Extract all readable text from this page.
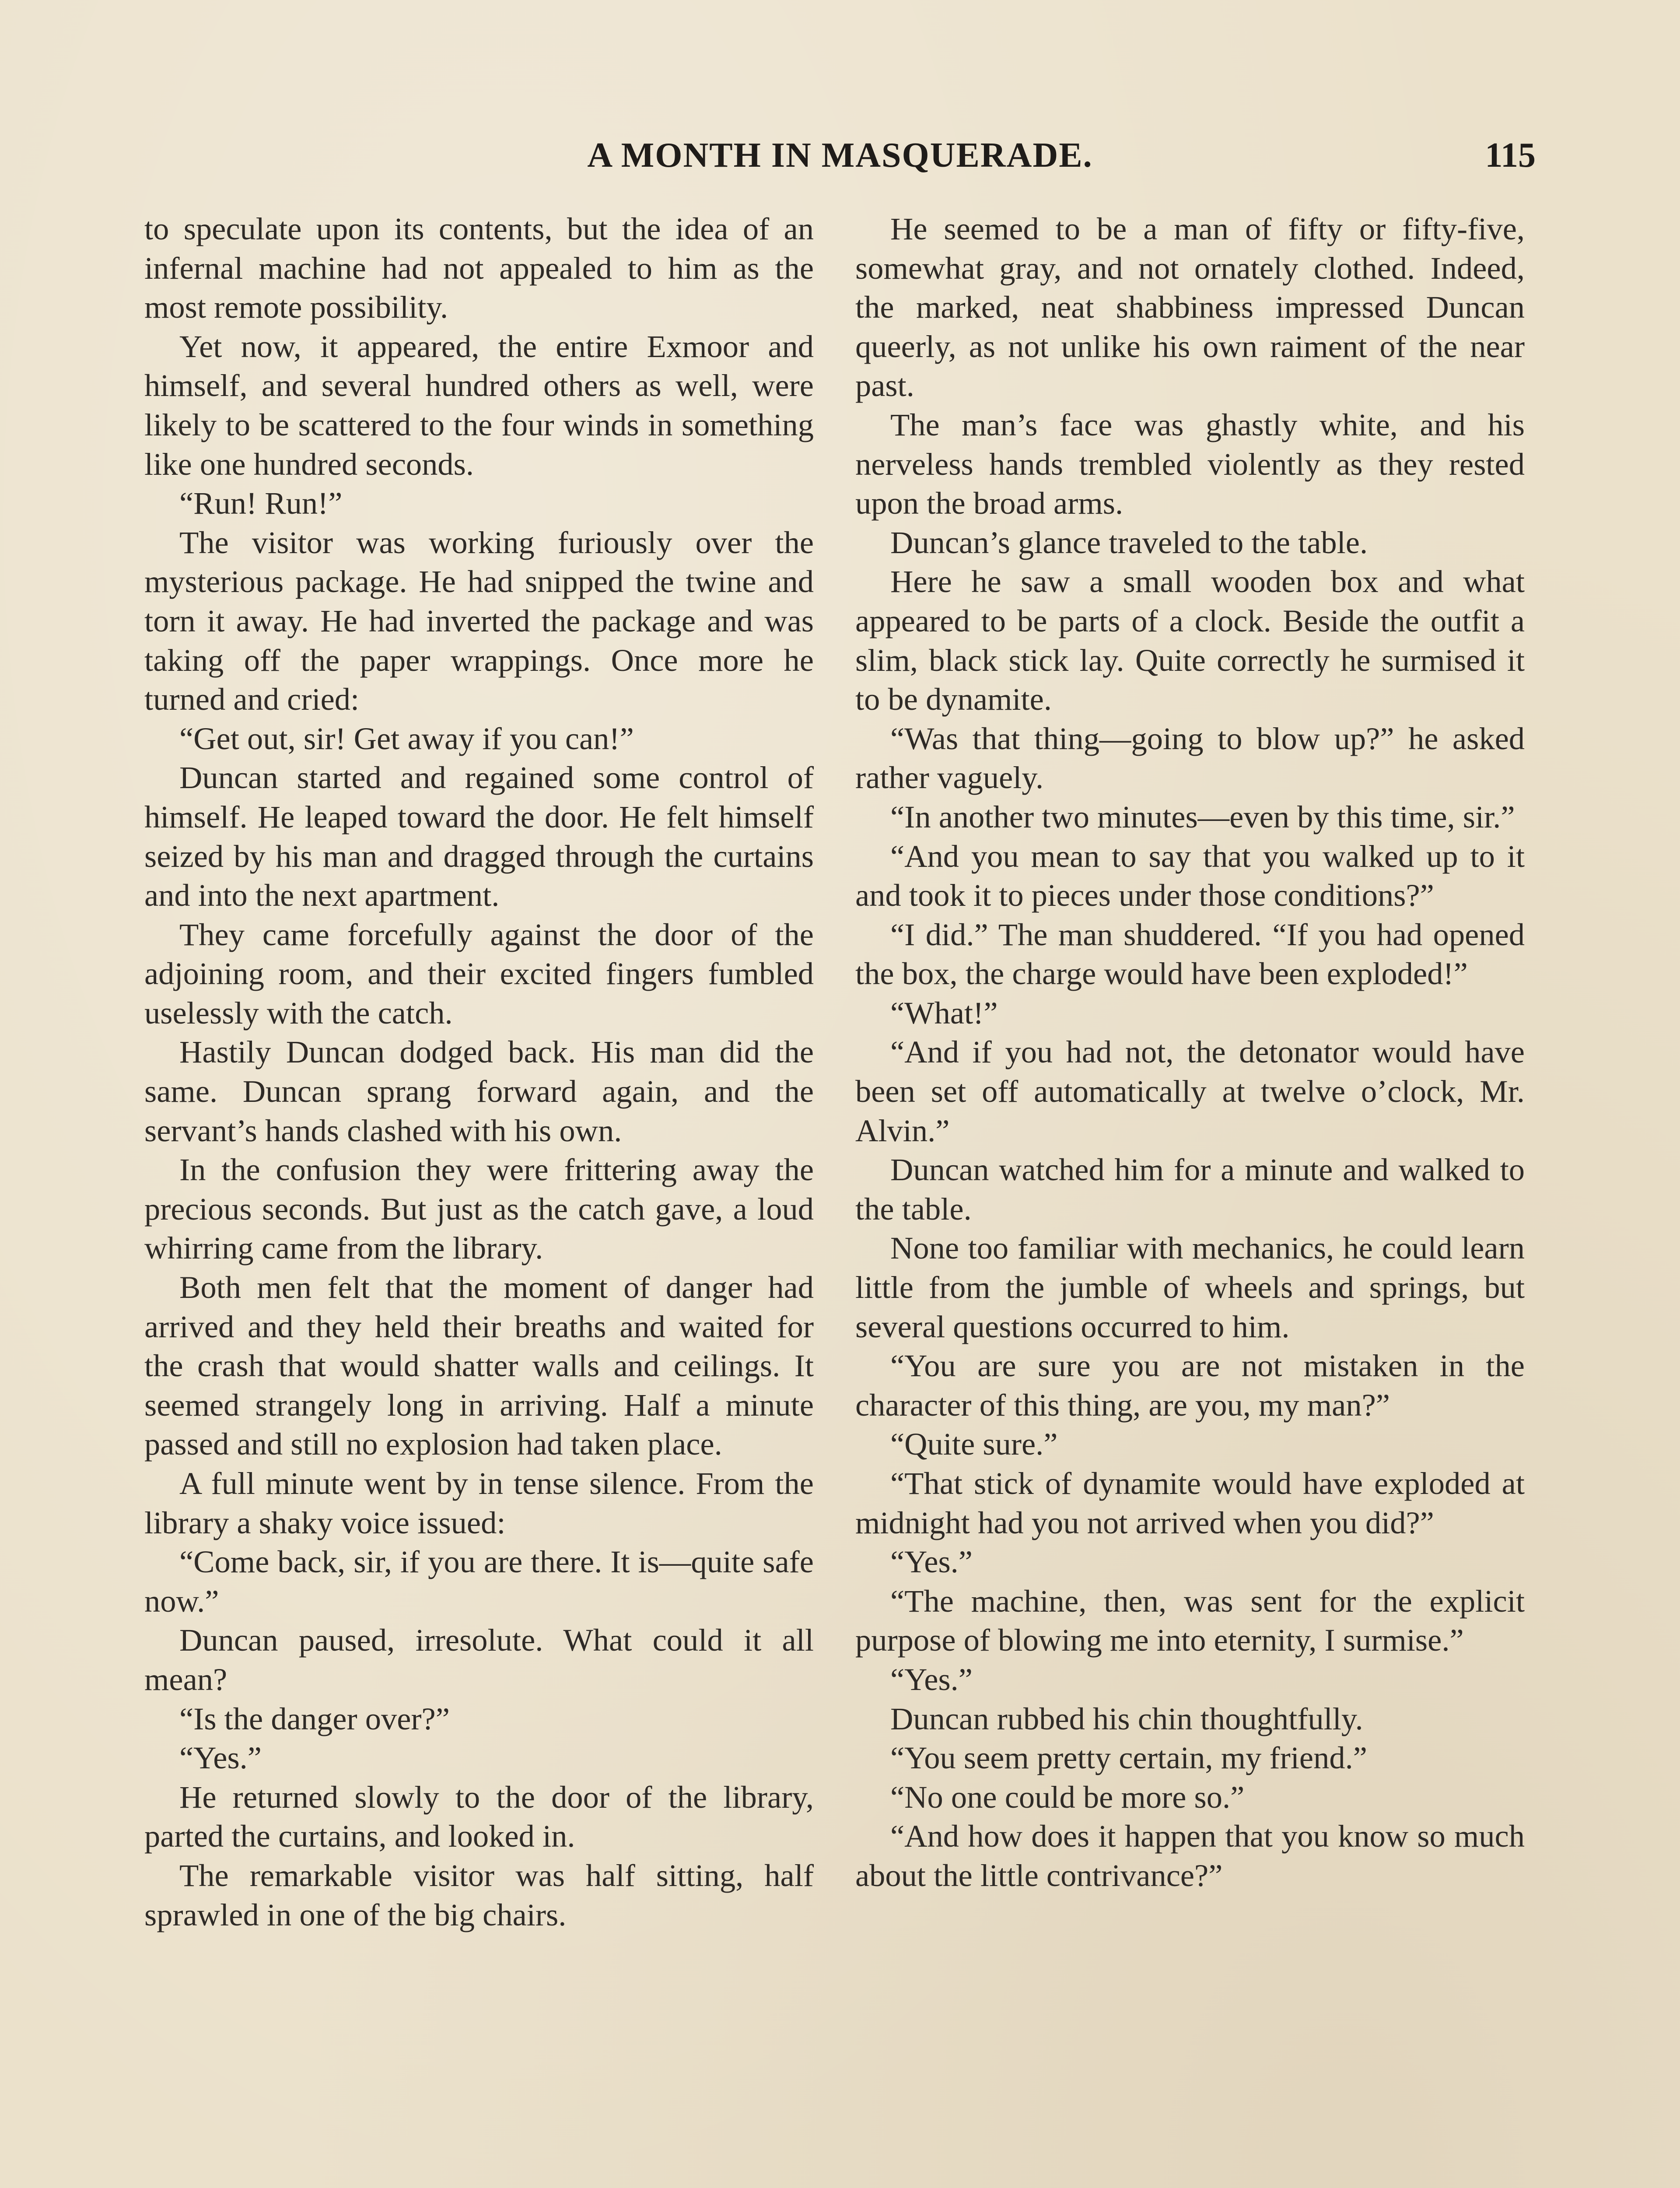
A MONTH IN MASQUERADE.	115

to speculate upon its contents, but the idea of an infernal machine had not appealed to him as the most remote possibility.

Yet now, it appeared, the entire Exmoor and himself, and several hundred others as well, were likely to be scattered to the four winds in something like one hundred seconds.

“Run! Run!”

The visitor was working furiously over the mysterious package. He had snipped the twine and torn it away. He had inverted the package and was taking off the paper wrappings. Once more he turned and cried:

“Get out, sir! Get away if you can!”

Duncan started and regained some control of himself. He leaped toward the door. He felt himself seized by his man and dragged through the curtains and into the next apartment.

They came forcefully against the door of the adjoining room, and their excited fingers fumbled uselessly with the catch.

Hastily Duncan dodged back. His man did the same. Duncan sprang forward again, and the servant’s hands clashed with his own.

In the confusion they were frittering away the precious seconds. But just as the catch gave, a loud whirring came from the library.

Both men felt that the moment of danger had arrived and they held their breaths and waited for the crash that would shatter walls and ceilings. It seemed strangely long in arriving. Half a minute passed and still no explosion had taken place.

A full minute went by in tense silence. From the library a shaky voice issued:

“Come back, sir, if you are there. It is—quite safe now.”

Duncan paused, irresolute. What could it all mean?

“Is the danger over?”

“Yes.”

He returned slowly to the door of the library, parted the curtains, and looked in.

The remarkable visitor was half sitting, half sprawled in one of the big chairs.

He seemed to be a man of fifty or fifty-five, somewhat gray, and not ornately clothed. Indeed, the marked, neat shabbiness impressed Duncan queerly, as not unlike his own raiment of the near past.

The man’s face was ghastly white, and his nerveless hands trembled violently as they rested upon the broad arms.

Duncan’s glance traveled to the table.

Here he saw a small wooden box and what appeared to be parts of a clock. Beside the outfit a slim, black stick lay. Quite correctly he surmised it to be dynamite.

“Was that thing—going to blow up?” he asked rather vaguely.

“In another two minutes—even by this time, sir.”

“And you mean to say that you walked up to it and took it to pieces under those conditions?”

“I did.” The man shuddered. “If you had opened the box, the charge would have been exploded!”

“What!”

“And if you had not, the detonator would have been set off automatically at twelve o’clock, Mr. Alvin.”

Duncan watched him for a minute and walked to the table.

None too familiar with mechanics, he could learn little from the jumble of wheels and springs, but several questions occurred to him.

“You are sure you are not mistaken in the character of this thing, are you, my man?”

“Quite sure.”

“That stick of dynamite would have exploded at midnight had you not arrived when you did?”

“Yes.”

“The machine, then, was sent for the explicit purpose of blowing me into eternity, I surmise.”

“Yes.”

Duncan rubbed his chin thoughtfully.

“You seem pretty certain, my friend.”

“No one could be more so.”

“And how does it happen that you know so much about the little contrivance?”
